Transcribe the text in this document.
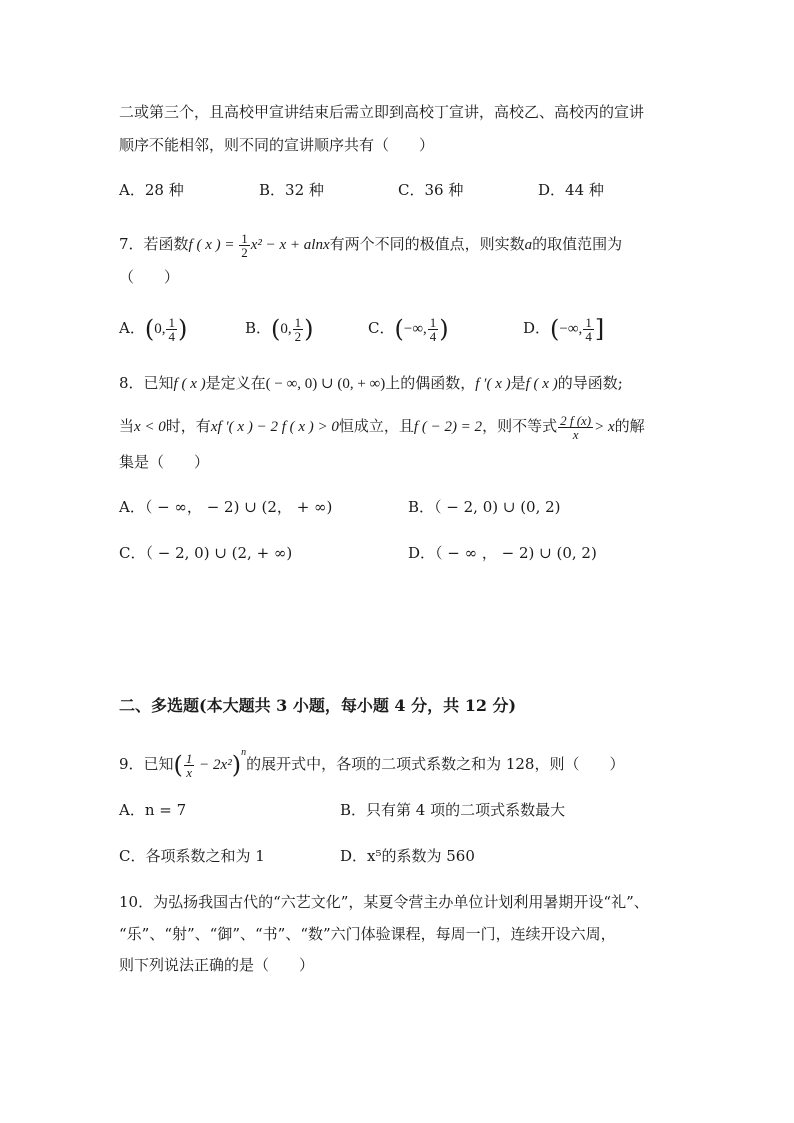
二或第三个，且高校甲宣讲结束后需立即到高校丁宣讲，高校乙、高校丙的宣讲
顺序不能相邻，则不同的宣讲顺序共有（　　）
A．28 种	B．32 种	C．36 种	D．44 种
7．若函数f ( x ) = $\frac{1}{2} x^2 - x + alnx$有两个不同的极值点，则实数a的取值范围为
（　　）
A．(0, $\frac{1}{4}$ )	B．(0, $\frac{1}{2}$ )	C．(−∞, $\frac{1}{4}$ )	D．(−∞, $\frac{1}{4}$ ]
8．已知f ( x )是定义在( − ∞, 0) ∪ (0, + ∞)上的偶函数，f ′( x )是f ( x )的导函数;
当x < 0时，有xf ′( x ) − 2 f ( x ) > 0恒成立，且f ( − 2) = 2，则不等式 $\frac{2 f (x)}{x} > x$的解
集是（　　）
A．（ − ∞， − 2) ∪ (2， + ∞)	B．（ − 2, 0) ∪ (0, 2)
C．（ − 2, 0) ∪ (2, + ∞)	D．（ − ∞ ， − 2) ∪ (0, 2)
二、多选题(本大题共 3 小题，每小题 4 分，共 12 分)
9．已知( $\frac{1}{x} - 2x^2)^n$的展开式中，各项的二项式系数之和为 128，则（　　）
A．n = 7	B．只有第 4 项的二项式系数最大
C．各项系数之和为 1	D．x⁵的系数为 560
10．为弘扬我国古代的“六艺文化”，某夏令营主办单位计划利用暑期开设“礼”、
“乐”、“射”、“御”、“书”、“数”六门体验课程，每周一门，连续开设六周，
则下列说法正确的是（　　）
